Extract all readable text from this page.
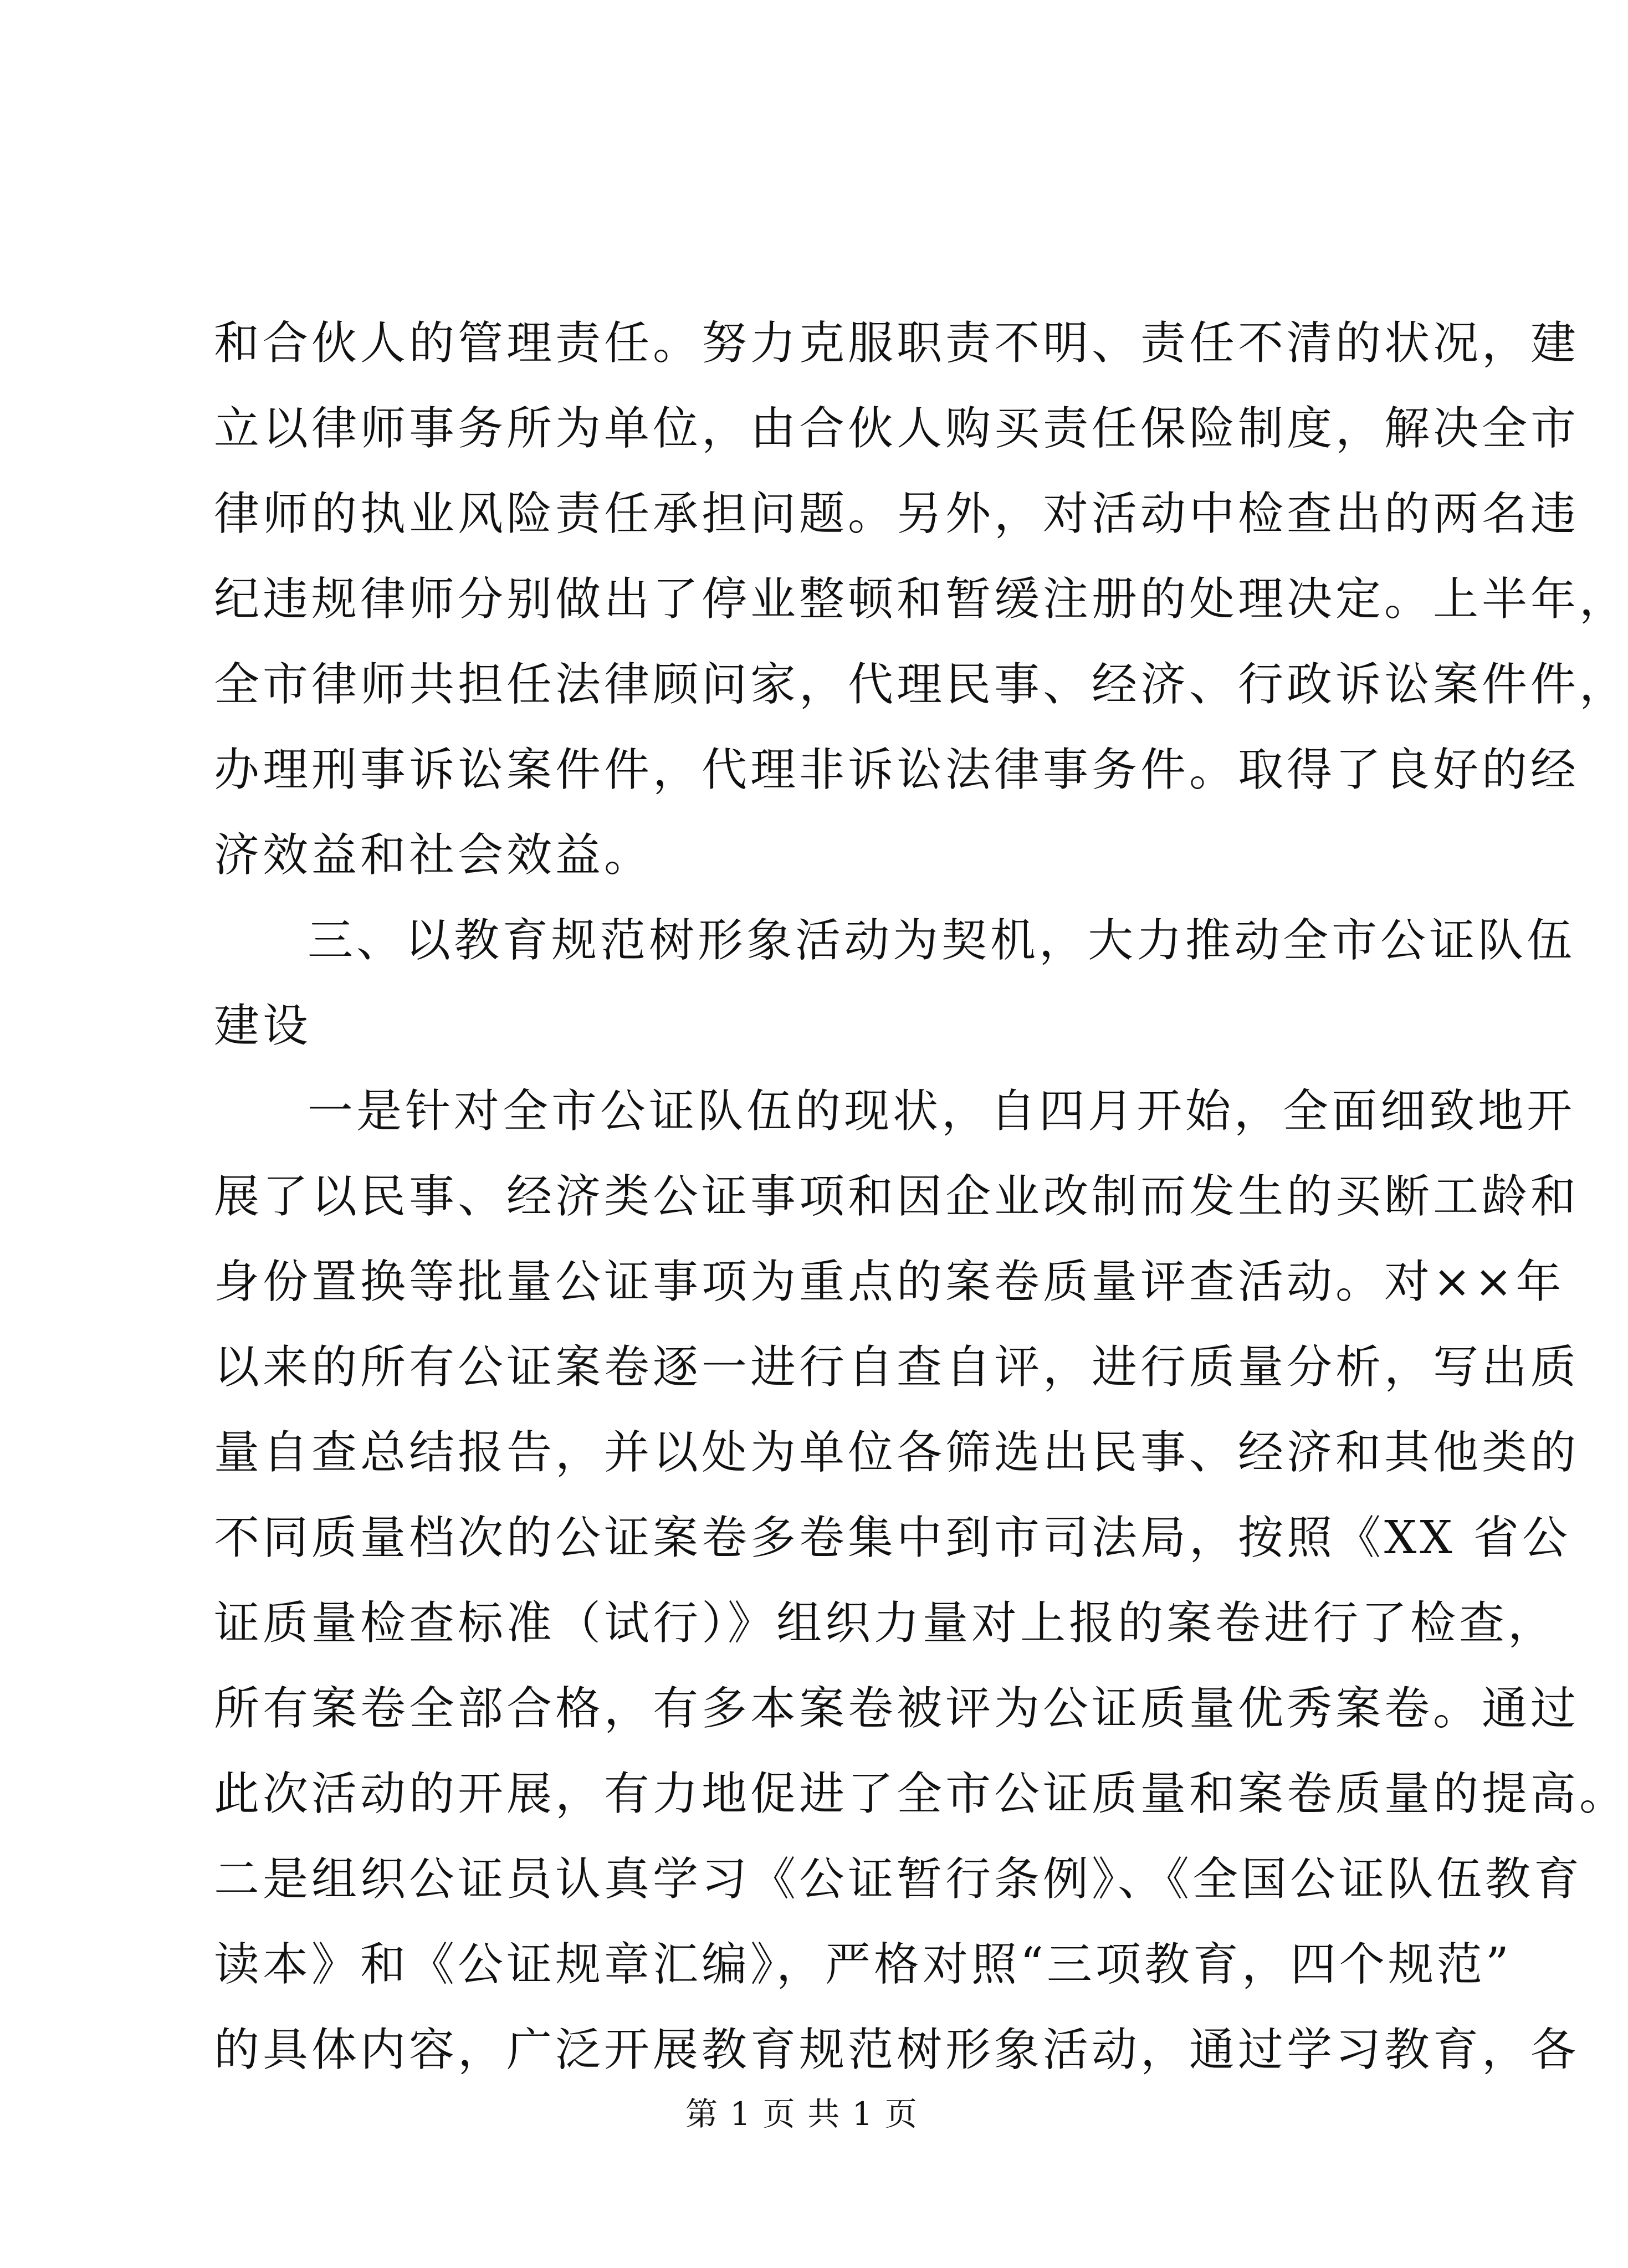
和合伙人的管理责任。努力克服职责不明、责任不清的状况，建
立以律师事务所为单位，由合伙人购买责任保险制度，解决全市
律师的执业风险责任承担问题。另外，对活动中检查出的两名违
纪违规律师分别做出了停业整顿和暂缓注册的处理决定。上半年，
全市律师共担任法律顾问家，代理民事、经济、行政诉讼案件件，
办理刑事诉讼案件件，代理非诉讼法律事务件。取得了良好的经
济效益和社会效益。
三、以教育规范树形象活动为契机，大力推动全市公证队伍
建设
一是针对全市公证队伍的现状，自四月开始，全面细致地开
展了以民事、经济类公证事项和因企业改制而发生的买断工龄和
身份置换等批量公证事项为重点的案卷质量评查活动。对××年
以来的所有公证案卷逐一进行自查自评，进行质量分析，写出质
量自查总结报告，并以处为单位各筛选出民事、经济和其他类的
不同质量档次的公证案卷多卷集中到市司法局，按照《XX 省公
证质量检查标准（试行）》组织力量对上报的案卷进行了检查，
所有案卷全部合格，有多本案卷被评为公证质量优秀案卷。通过
此次活动的开展，有力地促进了全市公证质量和案卷质量的提高。
二是组织公证员认真学习《公证暂行条例》、《全国公证队伍教育
读本》和《公证规章汇编》，严格对照“三项教育，四个规范”
的具体内容，广泛开展教育规范树形象活动，通过学习教育，各
第 1 页 共 1 页
